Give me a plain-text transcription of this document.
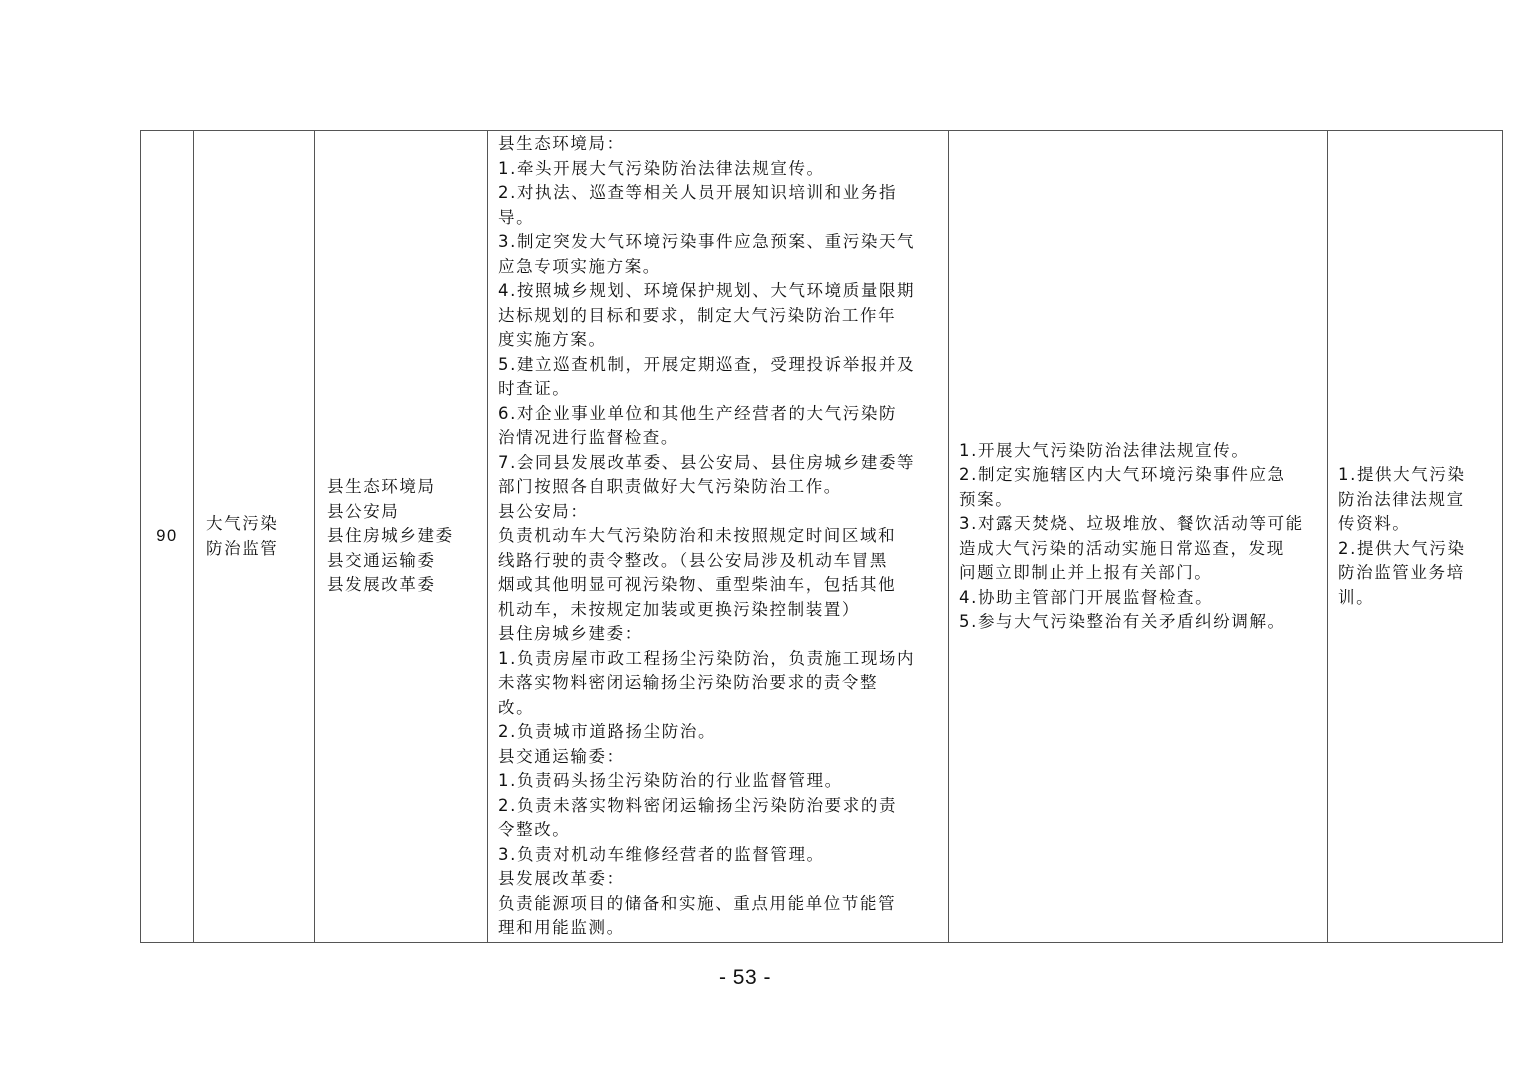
90	
大气污染
防治监管

县生态环境局
县公安局
县住房城乡建委
县交通运输委
县发展改革委

县生态环境局：
1.牵头开展大气污染防治法律法规宣传。
2.对执法、巡查等相关人员开展知识培训和业务指
导。
3.制定突发大气环境污染事件应急预案、重污染天气
应急专项实施方案。
4.按照城乡规划、环境保护规划、大气环境质量限期
达标规划的目标和要求，制定大气污染防治工作年
度实施方案。
5.建立巡查机制，开展定期巡查，受理投诉举报并及
时查证。
6.对企业事业单位和其他生产经营者的大气污染防
治情况进行监督检查。
7.会同县发展改革委、县公安局、县住房城乡建委等
部门按照各自职责做好大气污染防治工作。
县公安局：
负责机动车大气污染防治和未按照规定时间区域和
线路行驶的责令整改。（县公安局涉及机动车冒黑
烟或其他明显可视污染物、重型柴油车，包括其他
机动车，未按规定加装或更换污染控制装置）
县住房城乡建委：
1.负责房屋市政工程扬尘污染防治，负责施工现场内
未落实物料密闭运输扬尘污染防治要求的责令整
改。
2.负责城市道路扬尘防治。
县交通运输委：
1.负责码头扬尘污染防治的行业监督管理。
2.负责未落实物料密闭运输扬尘污染防治要求的责
令整改。
3.负责对机动车维修经营者的监督管理。
县发展改革委：
负责能源项目的储备和实施、重点用能单位节能管
理和用能监测。

1.开展大气污染防治法律法规宣传。
2.制定实施辖区内大气环境污染事件应急
预案。
3.对露天焚烧、垃圾堆放、餐饮活动等可能
造成大气污染的活动实施日常巡查，发现
问题立即制止并上报有关部门。
4.协助主管部门开展监督检查。
5.参与大气污染整治有关矛盾纠纷调解。

1.提供大气污染
防治法律法规宣
传资料。
2.提供大气污染
防治监管业务培
训。
- 53 -
